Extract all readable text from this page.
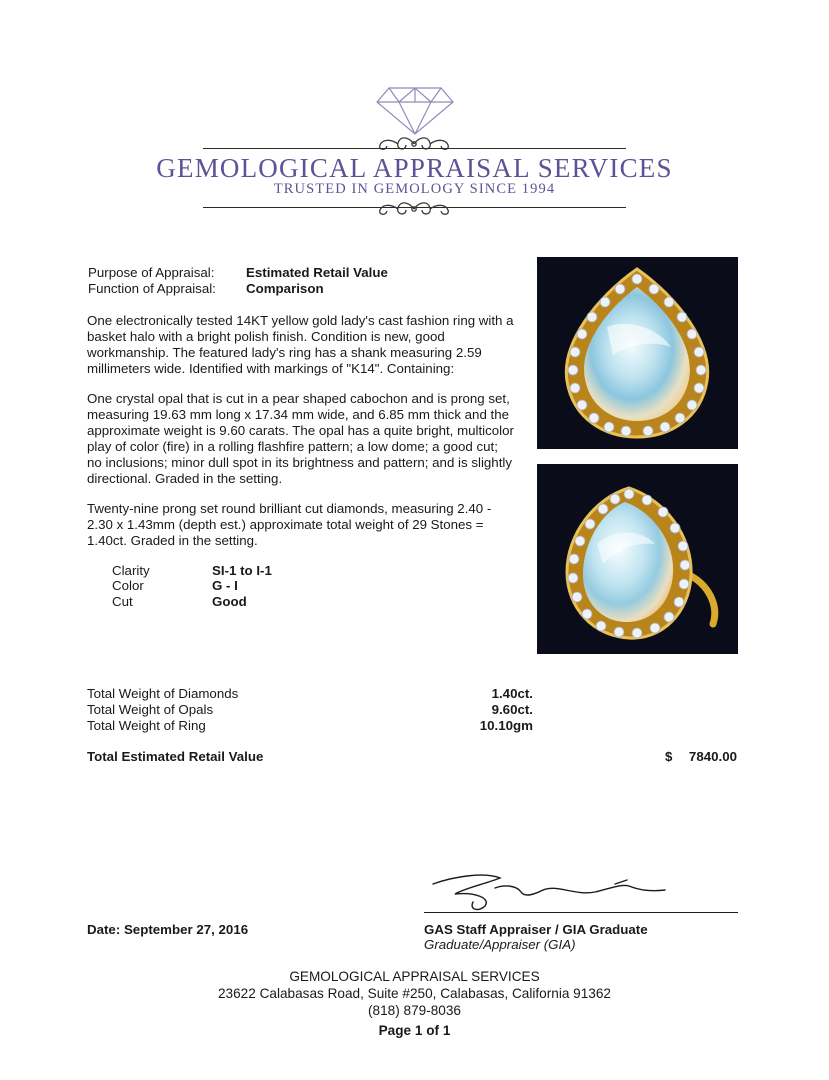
GEMOLOGICAL APPRAISAL SERVICES
TRUSTED IN GEMOLOGY SINCE 1994
Purpose of Appraisal: Estimated Retail Value
Function of Appraisal: Comparison
One electronically tested 14KT yellow gold lady's cast fashion ring with a basket halo with a bright polish finish. Condition is new, good workmanship. The featured lady's ring has a shank measuring 2.59 millimeters wide. Identified with markings of "K14". Containing:
One crystal opal that is cut in a pear shaped cabochon and is prong set, measuring 19.63 mm long x 17.34 mm wide, and 6.85 mm thick and the approximate weight is 9.60 carats. The opal has a quite bright, multicolor play of color (fire) in a rolling flashfire pattern; a low dome; a good cut; no inclusions; minor dull spot in its brightness and pattern; and is slightly directional. Graded in the setting.
Twenty-nine prong set round brilliant cut diamonds, measuring 2.40 - 2.30 x 1.43mm (depth est.) approximate total weight of 29 Stones = 1.40ct. Graded in the setting.
Clarity	SI-1 to I-1
Color	G - I
Cut	Good
Total Weight of Diamonds	1.40ct.
Total Weight of Opals	9.60ct.
Total Weight of Ring	10.10gm
Total Estimated Retail Value	$	7840.00
Date: September 27, 2016	GAS Staff Appraiser / GIA Graduate
Graduate/Appraiser (GIA)
GEMOLOGICAL APPRAISAL SERVICES
23622 Calabasas Road, Suite #250, Calabasas, California 91362
(818) 879-8036
Page 1 of 1
